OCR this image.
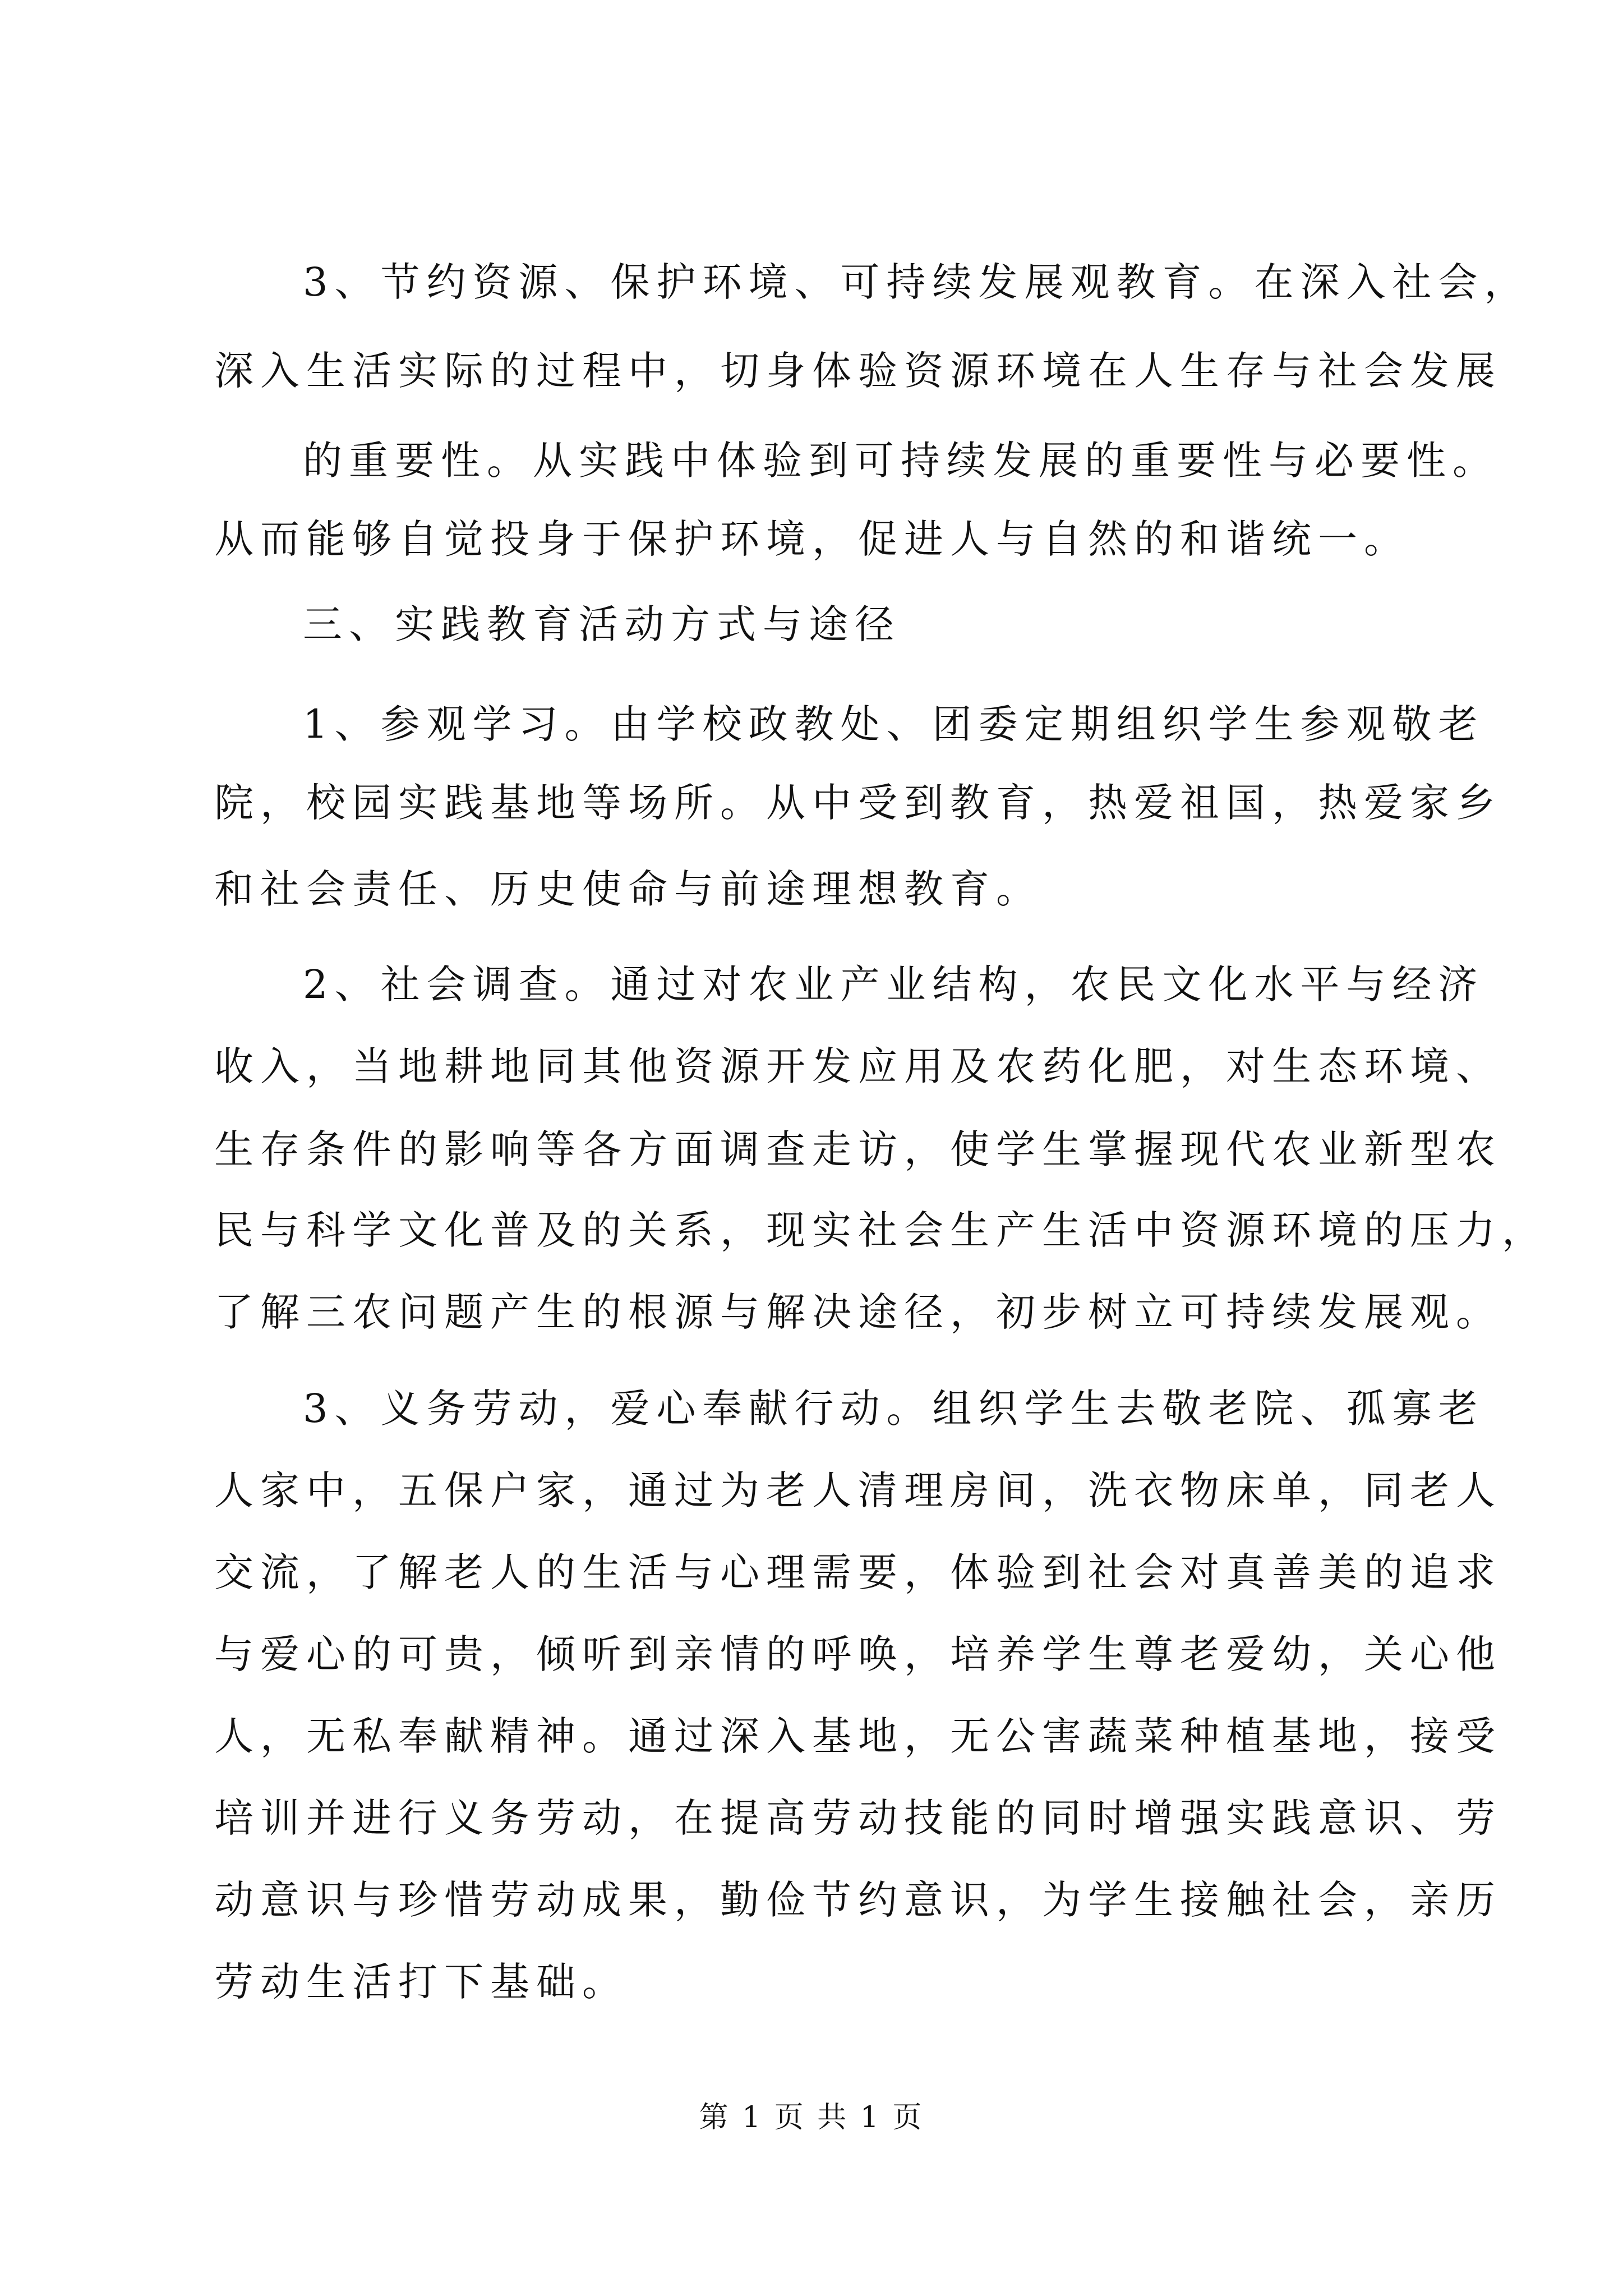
3、节约资源、保护环境、可持续发展观教育。在深入社会，
深入生活实际的过程中，切身体验资源环境在人生存与社会发展
的重要性。从实践中体验到可持续发展的重要性与必要性。
从而能够自觉投身于保护环境，促进人与自然的和谐统一。
三、实践教育活动方式与途径
1、参观学习。由学校政教处、团委定期组织学生参观敬老
院，校园实践基地等场所。从中受到教育，热爱祖国，热爱家乡
和社会责任、历史使命与前途理想教育。
2、社会调查。通过对农业产业结构，农民文化水平与经济
收入，当地耕地同其他资源开发应用及农药化肥，对生态环境、
生存条件的影响等各方面调查走访，使学生掌握现代农业新型农
民与科学文化普及的关系，现实社会生产生活中资源环境的压力，
了解三农问题产生的根源与解决途径，初步树立可持续发展观。
3、义务劳动，爱心奉献行动。组织学生去敬老院、孤寡老
人家中，五保户家，通过为老人清理房间，洗衣物床单，同老人
交流，了解老人的生活与心理需要，体验到社会对真善美的追求
与爱心的可贵，倾听到亲情的呼唤，培养学生尊老爱幼，关心他
人，无私奉献精神。通过深入基地，无公害蔬菜种植基地，接受
培训并进行义务劳动，在提高劳动技能的同时增强实践意识、劳
动意识与珍惜劳动成果，勤俭节约意识，为学生接触社会，亲历
劳动生活打下基础。
第 1 页 共 1 页
